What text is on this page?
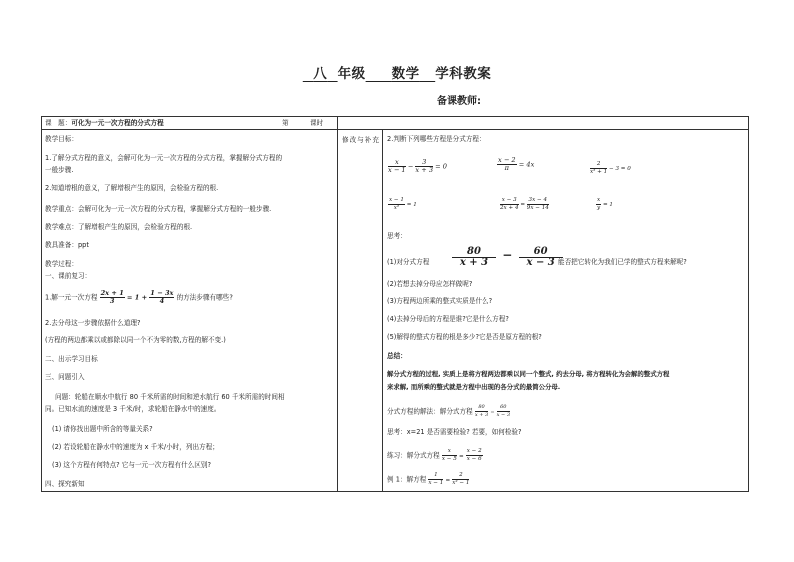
八 年级 数学 学科教案
备课教师:
课　题：可化为一元一次方程的分式方程	第	课时
教学目标：
1.了解分式方程的意义，会解可化为一元一次方程的分式方程，掌握解分式方程的
一般步骤.
2.知道增根的意义，了解增根产生的原因，会检验方程的根.
教学重点：会解可化为一元一次方程的分式方程，掌握解分式方程的一般步骤.
教学难点：了解增根产生的原因，会检验方程的根.
教具准备：ppt
教学过程：
一、课前复习：
1.解一元一次方程 $\frac{2x + 1}{3} = 1 + \frac{1 - 3x}{4}$ 的方法步骤有哪些?
2.去分母这一步骤依据什么道理?
(方程的两边都乘以或都除以同一个不为零的数,方程的解不变.)
二、出示学习目标
三、问题引入
问题：轮船在顺水中航行 80 千米所需的时间和逆水航行 60 千米所需的时间相
同。已知水流的速度是 3 千米/时，求轮船在静水中的速度。
(1) 请你找出题中所含的等量关系?
(2) 若设轮船在静水中的速度为 x 千米/小时，列出方程；
(3) 这个方程有何特点? 它与一元一次方程有什么区别?
四、探究新知
修改与补充 2.判断下列哪些方程是分式方程：
$\frac{x}{x - 1} - \frac{3}{x + 3} = 0$	$\frac{x - 2}{\pi} = 4x$	$\frac{2}{\text{x² + 1}} - 3 = 0$
$\frac{x - 1}{\text{x²}} = 1$	$\frac{x - 3}{2x + 4} = \frac{3x - 4}{9x - 14}$	$\frac{x}{y} = 1$
思考：
(1)对分式方程 $\frac{80}{x + 3} - \frac{60}{x - 3}$
能否把它转化为我们已学的整式方程来解呢?
(2)若想去掉分母应怎样做呢?
(3)方程两边所乘的整式实质是什么?
(4)去掉分母后的方程是谁?它是什么方程?
(5)解得的整式方程的根是多少?它是否是原方程的根?
总结：
解分式方程的过程, 实质上是将方程两边都乘以同一个整式, 约去分母, 将方程转化为会解的整式方程
来求解, 而所乘的整式就是方程中出现的各分式的最简公分母.
分式方程的解法：解分式方程 $\frac{80}{x + 3} = \frac{60}{x - 3}$
思考：x=21 是否需要检验? 若要，如何检验?
练习：解分式方程 $\frac{x}{x - 5} = \frac{x - 2}{x - 6}$
例 1：解方程 $\frac{1}{x - 1} = \frac{2}{\text{x² − 1}}$
